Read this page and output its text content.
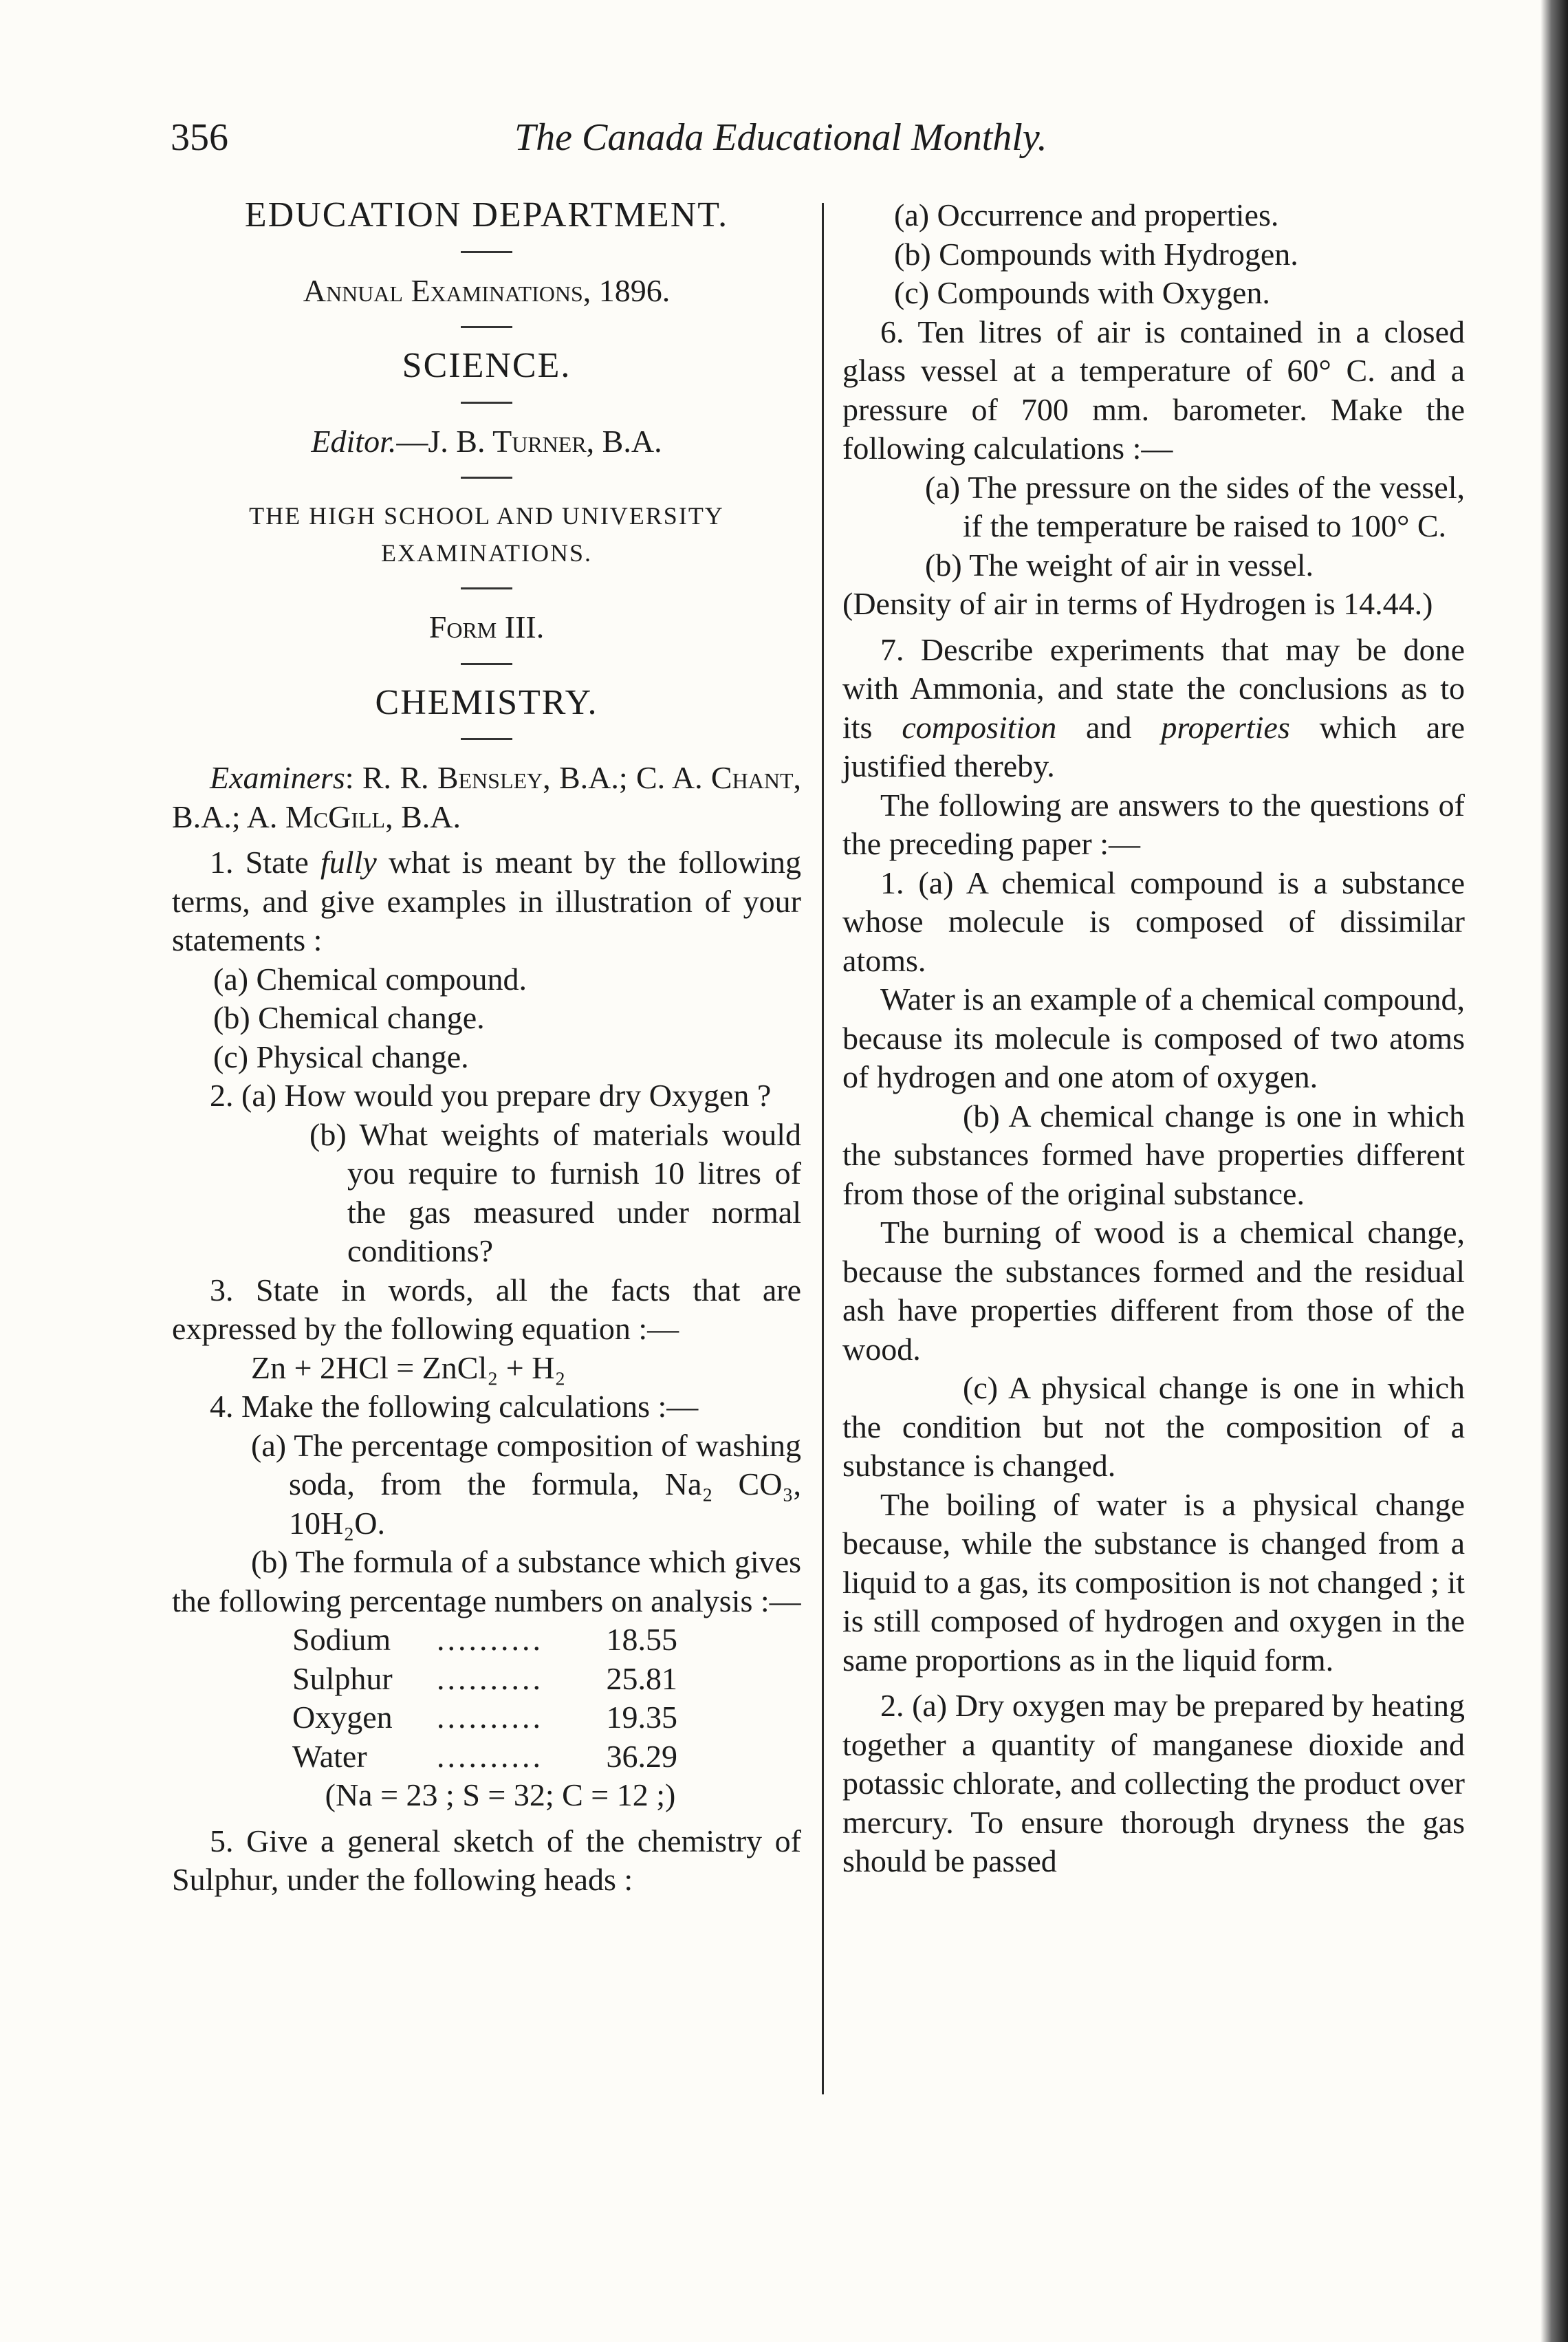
356	The Canada Educational Monthly.

EDUCATION DEPARTMENT.

Annual Examinations, 1896.

SCIENCE.

Editor.—J. B. Turner, B.A.

THE HIGH SCHOOL AND UNIVERSITY

EXAMINATIONS.

Form III.

CHEMISTRY.

Examiners: R. R. Bensley, B.A.; C. A. Chant, B.A.; A. McGill, B.A.

1. State fully what is meant by the following terms, and give examples in illustration of your statements :

(a) Chemical compound.

(b) Chemical change.

(c) Physical change.

2. (a) How would you prepare dry Oxygen ?

(b) What weights of materials would you require to furnish 10 litres of the gas measured under normal conditions?

3. State in words, all the facts that are expressed by the following equation :—

Zn + 2HCl = ZnCl₂ + H₂

4. Make the following calculations :—

(a) The percentage composition of washing soda, from the formula, Na₂ CO₃, 10H₂O.

(b) The formula of a substance which gives the following percentage numbers on analysis :—

Sodium	..........	18.55
Sulphur	..........	25.81
Oxygen	..........	19.35
Water	..........	36.29

(Na = 23 ; S = 32; C = 12 ;)

5. Give a general sketch of the chemistry of Sulphur, under the following heads :

(a) Occurrence and properties.

(b) Compounds with Hydrogen.

(c) Compounds with Oxygen.

6. Ten litres of air is contained in a closed glass vessel at a temperature of 60° C. and a pressure of 700 mm. barometer. Make the following calculations :—

(a) The pressure on the sides of the vessel, if the temperature be raised to 100° C.

(b) The weight of air in vessel.

(Density of air in terms of Hydrogen is 14.44.)

7. Describe experiments that may be done with Ammonia, and state the conclusions as to its composition and properties which are justified thereby.

The following are answers to the questions of the preceding paper :—

1. (a) A chemical compound is a substance whose molecule is composed of dissimilar atoms.

Water is an example of a chemical compound, because its molecule is composed of two atoms of hydrogen and one atom of oxygen.

(b) A chemical change is one in which the substances formed have properties different from those of the original substance.

The burning of wood is a chemical change, because the substances formed and the residual ash have properties different from those of the wood.

(c) A physical change is one in which the condition but not the composition of a substance is changed.

The boiling of water is a physical change because, while the substance is changed from a liquid to a gas, its composition is not changed ; it is still composed of hydrogen and oxygen in the same proportions as in the liquid form.

2. (a) Dry oxygen may be prepared by heating together a quantity of manganese dioxide and potassic chlorate, and collecting the product over mercury. To ensure thorough dryness the gas should be passed
